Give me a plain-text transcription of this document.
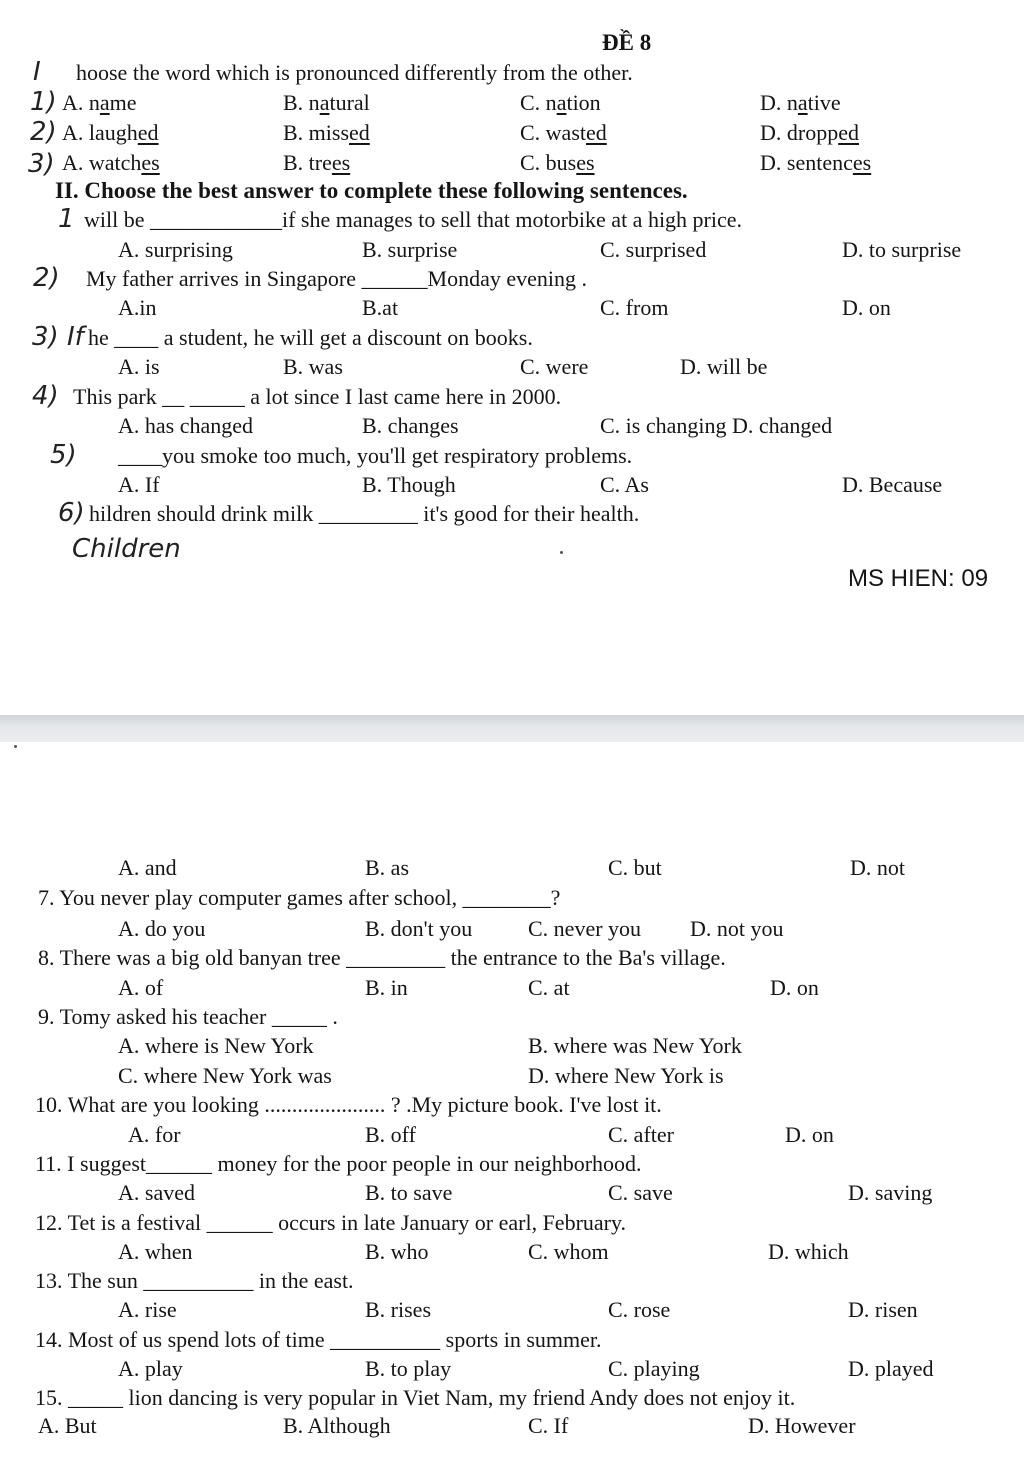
ĐỀ 8
I hoose the word which is pronounced differently from the other.
1) A. name	B. natural	C. nation	D. native
2) A. laughed	B. missed	C. wasted	D. dropped
3) A. watches	B. trees	C. buses	D. sentences
II. Choose the best answer to complete these following sentences.
1 will be ____________if she manages to sell that motorbike at a high price.
A. surprising	B. surprise	C. surprised	D. to surprise
2) My father arrives in Singapore ______Monday evening .
A.in	B.at	C. from	D. on
3) If he ____ a student, he will get a discount on books.
A. is	B. was	C. were	D. will be
4) This park __ _____ a lot since I last came here in 2000.
A. has changed	B. changes	C. is changing D. changed
5) ____you smoke too much, you'll get respiratory problems.
A. If	B. Though	C. As	D. Because
6) hildren should drink milk _________ it's good for their health.
Children
MS HIEN: 09
A. and	B. as	C. but	D. not
7. You never play computer games after school, ________?
A. do you	B. don't you	C. never you D. not you
8. There was a big old banyan tree _________ the entrance to the Ba's village.
A. of	B. in	C. at	D. on
9. Tomy asked his teacher _____ .
A. where is New York	B. where was New York
C. where New York was	D. where New York is
10. What are you looking ...................... ? .My picture book. I've lost it.
A. for	B. off	C. after	D. on
11. I suggest______ money for the poor people in our neighborhood.
A. saved	B. to save	C. save	D. saving
12. Tet is a festival ______ occurs in late January or earl, February.
A. when	B. who	C. whom	D. which
13. The sun __________ in the east.
A. rise	B. rises	C. rose	D. risen
14. Most of us spend lots of time __________ sports in summer.
A. play	B. to play	C. playing	D. played
15. _____ lion dancing is very popular in Viet Nam, my friend Andy does not enjoy it.
A. But	B. Although	C. If	D. However
